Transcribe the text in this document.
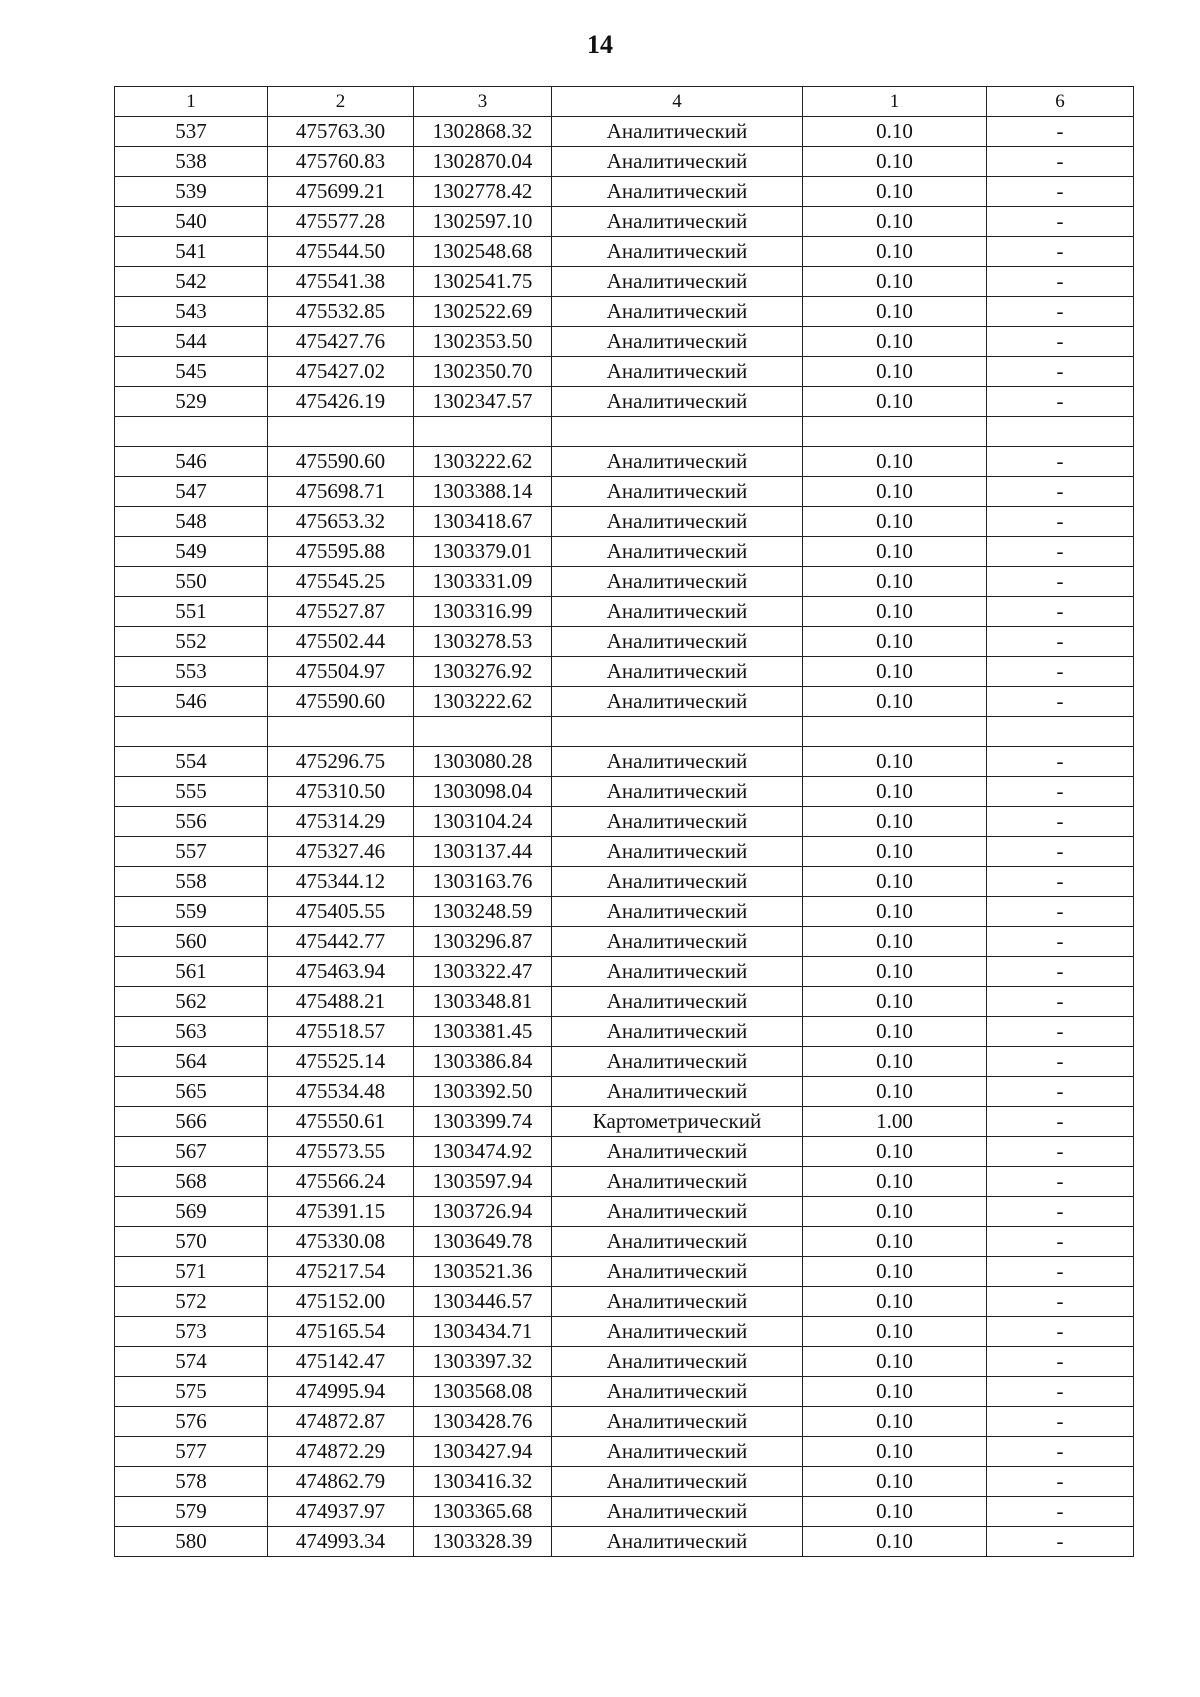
14
1	2	3	4	1	6
537	475763.30	1302868.32	Аналитический	0.10	-
538	475760.83	1302870.04	Аналитический	0.10	-
539	475699.21	1302778.42	Аналитический	0.10	-
540	475577.28	1302597.10	Аналитический	0.10	-
541	475544.50	1302548.68	Аналитический	0.10	-
542	475541.38	1302541.75	Аналитический	0.10	-
543	475532.85	1302522.69	Аналитический	0.10	-
544	475427.76	1302353.50	Аналитический	0.10	-
545	475427.02	1302350.70	Аналитический	0.10	-
529	475426.19	1302347.57	Аналитический	0.10	-

546	475590.60	1303222.62	Аналитический	0.10	-
547	475698.71	1303388.14	Аналитический	0.10	-
548	475653.32	1303418.67	Аналитический	0.10	-
549	475595.88	1303379.01	Аналитический	0.10	-
550	475545.25	1303331.09	Аналитический	0.10	-
551	475527.87	1303316.99	Аналитический	0.10	-
552	475502.44	1303278.53	Аналитический	0.10	-
553	475504.97	1303276.92	Аналитический	0.10	-
546	475590.60	1303222.62	Аналитический	0.10	-

554	475296.75	1303080.28	Аналитический	0.10	-
555	475310.50	1303098.04	Аналитический	0.10	-
556	475314.29	1303104.24	Аналитический	0.10	-
557	475327.46	1303137.44	Аналитический	0.10	-
558	475344.12	1303163.76	Аналитический	0.10	-
559	475405.55	1303248.59	Аналитический	0.10	-
560	475442.77	1303296.87	Аналитический	0.10	-
561	475463.94	1303322.47	Аналитический	0.10	-
562	475488.21	1303348.81	Аналитический	0.10	-
563	475518.57	1303381.45	Аналитический	0.10	-
564	475525.14	1303386.84	Аналитический	0.10	-
565	475534.48	1303392.50	Аналитический	0.10	-
566	475550.61	1303399.74	Картометрический	1.00	-
567	475573.55	1303474.92	Аналитический	0.10	-
568	475566.24	1303597.94	Аналитический	0.10	-
569	475391.15	1303726.94	Аналитический	0.10	-
570	475330.08	1303649.78	Аналитический	0.10	-
571	475217.54	1303521.36	Аналитический	0.10	-
572	475152.00	1303446.57	Аналитический	0.10	-
573	475165.54	1303434.71	Аналитический	0.10	-
574	475142.47	1303397.32	Аналитический	0.10	-
575	474995.94	1303568.08	Аналитический	0.10	-
576	474872.87	1303428.76	Аналитический	0.10	-
577	474872.29	1303427.94	Аналитический	0.10	-
578	474862.79	1303416.32	Аналитический	0.10	-
579	474937.97	1303365.68	Аналитический	0.10	-
580	474993.34	1303328.39	Аналитический	0.10	-
